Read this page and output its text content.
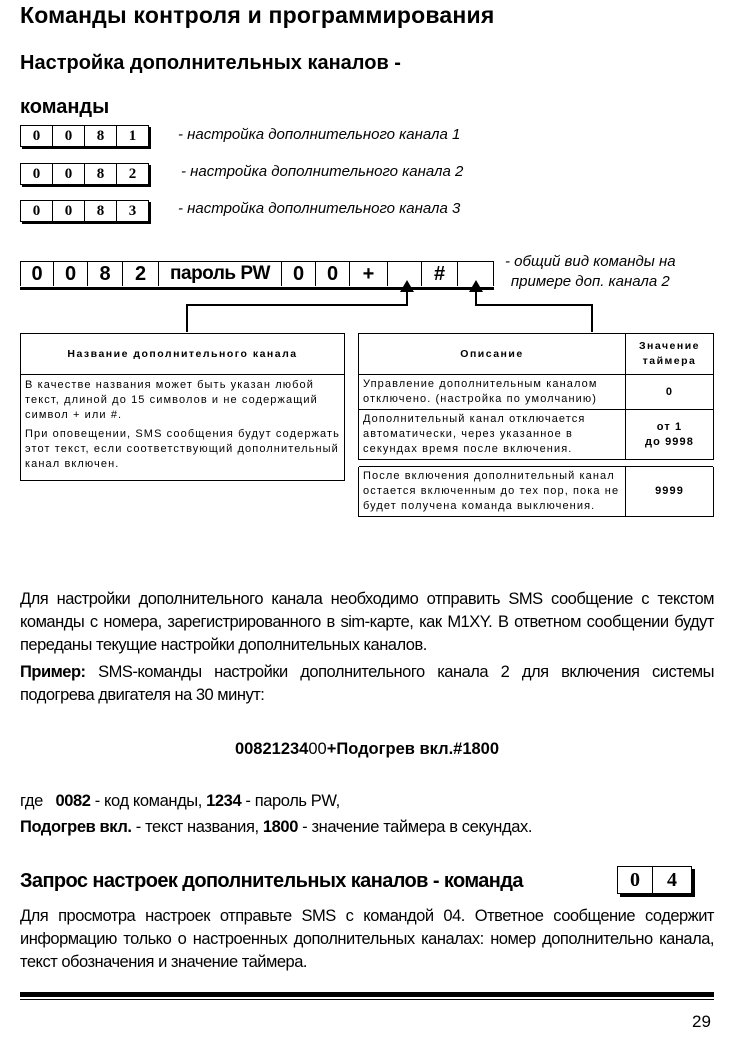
Команды контроля и программирования
Настройка дополнительных каналов -
команды
0	0	8	1	- настройка дополнительного канала 1
0	0	8	2	- настройка дополнительного канала 2
0	0	8	3	- настройка дополнительного канала 3
0	0	8	2	пароль PW	0	0	+	#
- общий вид команды на
примере доп. канала 2
Название дополнительного канала

В качестве названия может быть указан любой текст, длиной до 15 символов и не содержащий символ + или #.
При оповещении, SMS сообщения будут содержать этот текст, если соответствующий дополнительный канал включен.
Описание	Значение
таймера

Управление дополнительным каналом отключено. (настройка по умолчанию)	0

Дополнительный канал отключается автоматически, через указанное в секундах время после включения.	от 1
до 9998

После включения дополнительный канал остается включенным до тех пор, пока не будет получена команда выключения.	9999

Для настройки дополнительного канала необходимо отправить SMS сообщение с текстом команды с номера, зарегистрированного в sim-карте, как M1XY. В ответном сообщении будут переданы текущие настройки дополнительных каналов.

Пример: SMS-команды настройки дополнительного канала 2 для включения системы подогрева двигателя на 30 минут:

0082123400+Подогрев вкл.#1800
где 0082 - код команды, 1234 - пароль PW,
Подогрев вкл. - текст названия, 1800 - значение таймера в секундах.
Запрос настроек дополнительных каналов - команда	0	4
Для просмотра настроек отправьте SMS с командой 04. Ответное сообщение содержит информацию только о настроенных дополнительных каналах: номер дополнительно канала, текст обозначения и значение таймера.
29
